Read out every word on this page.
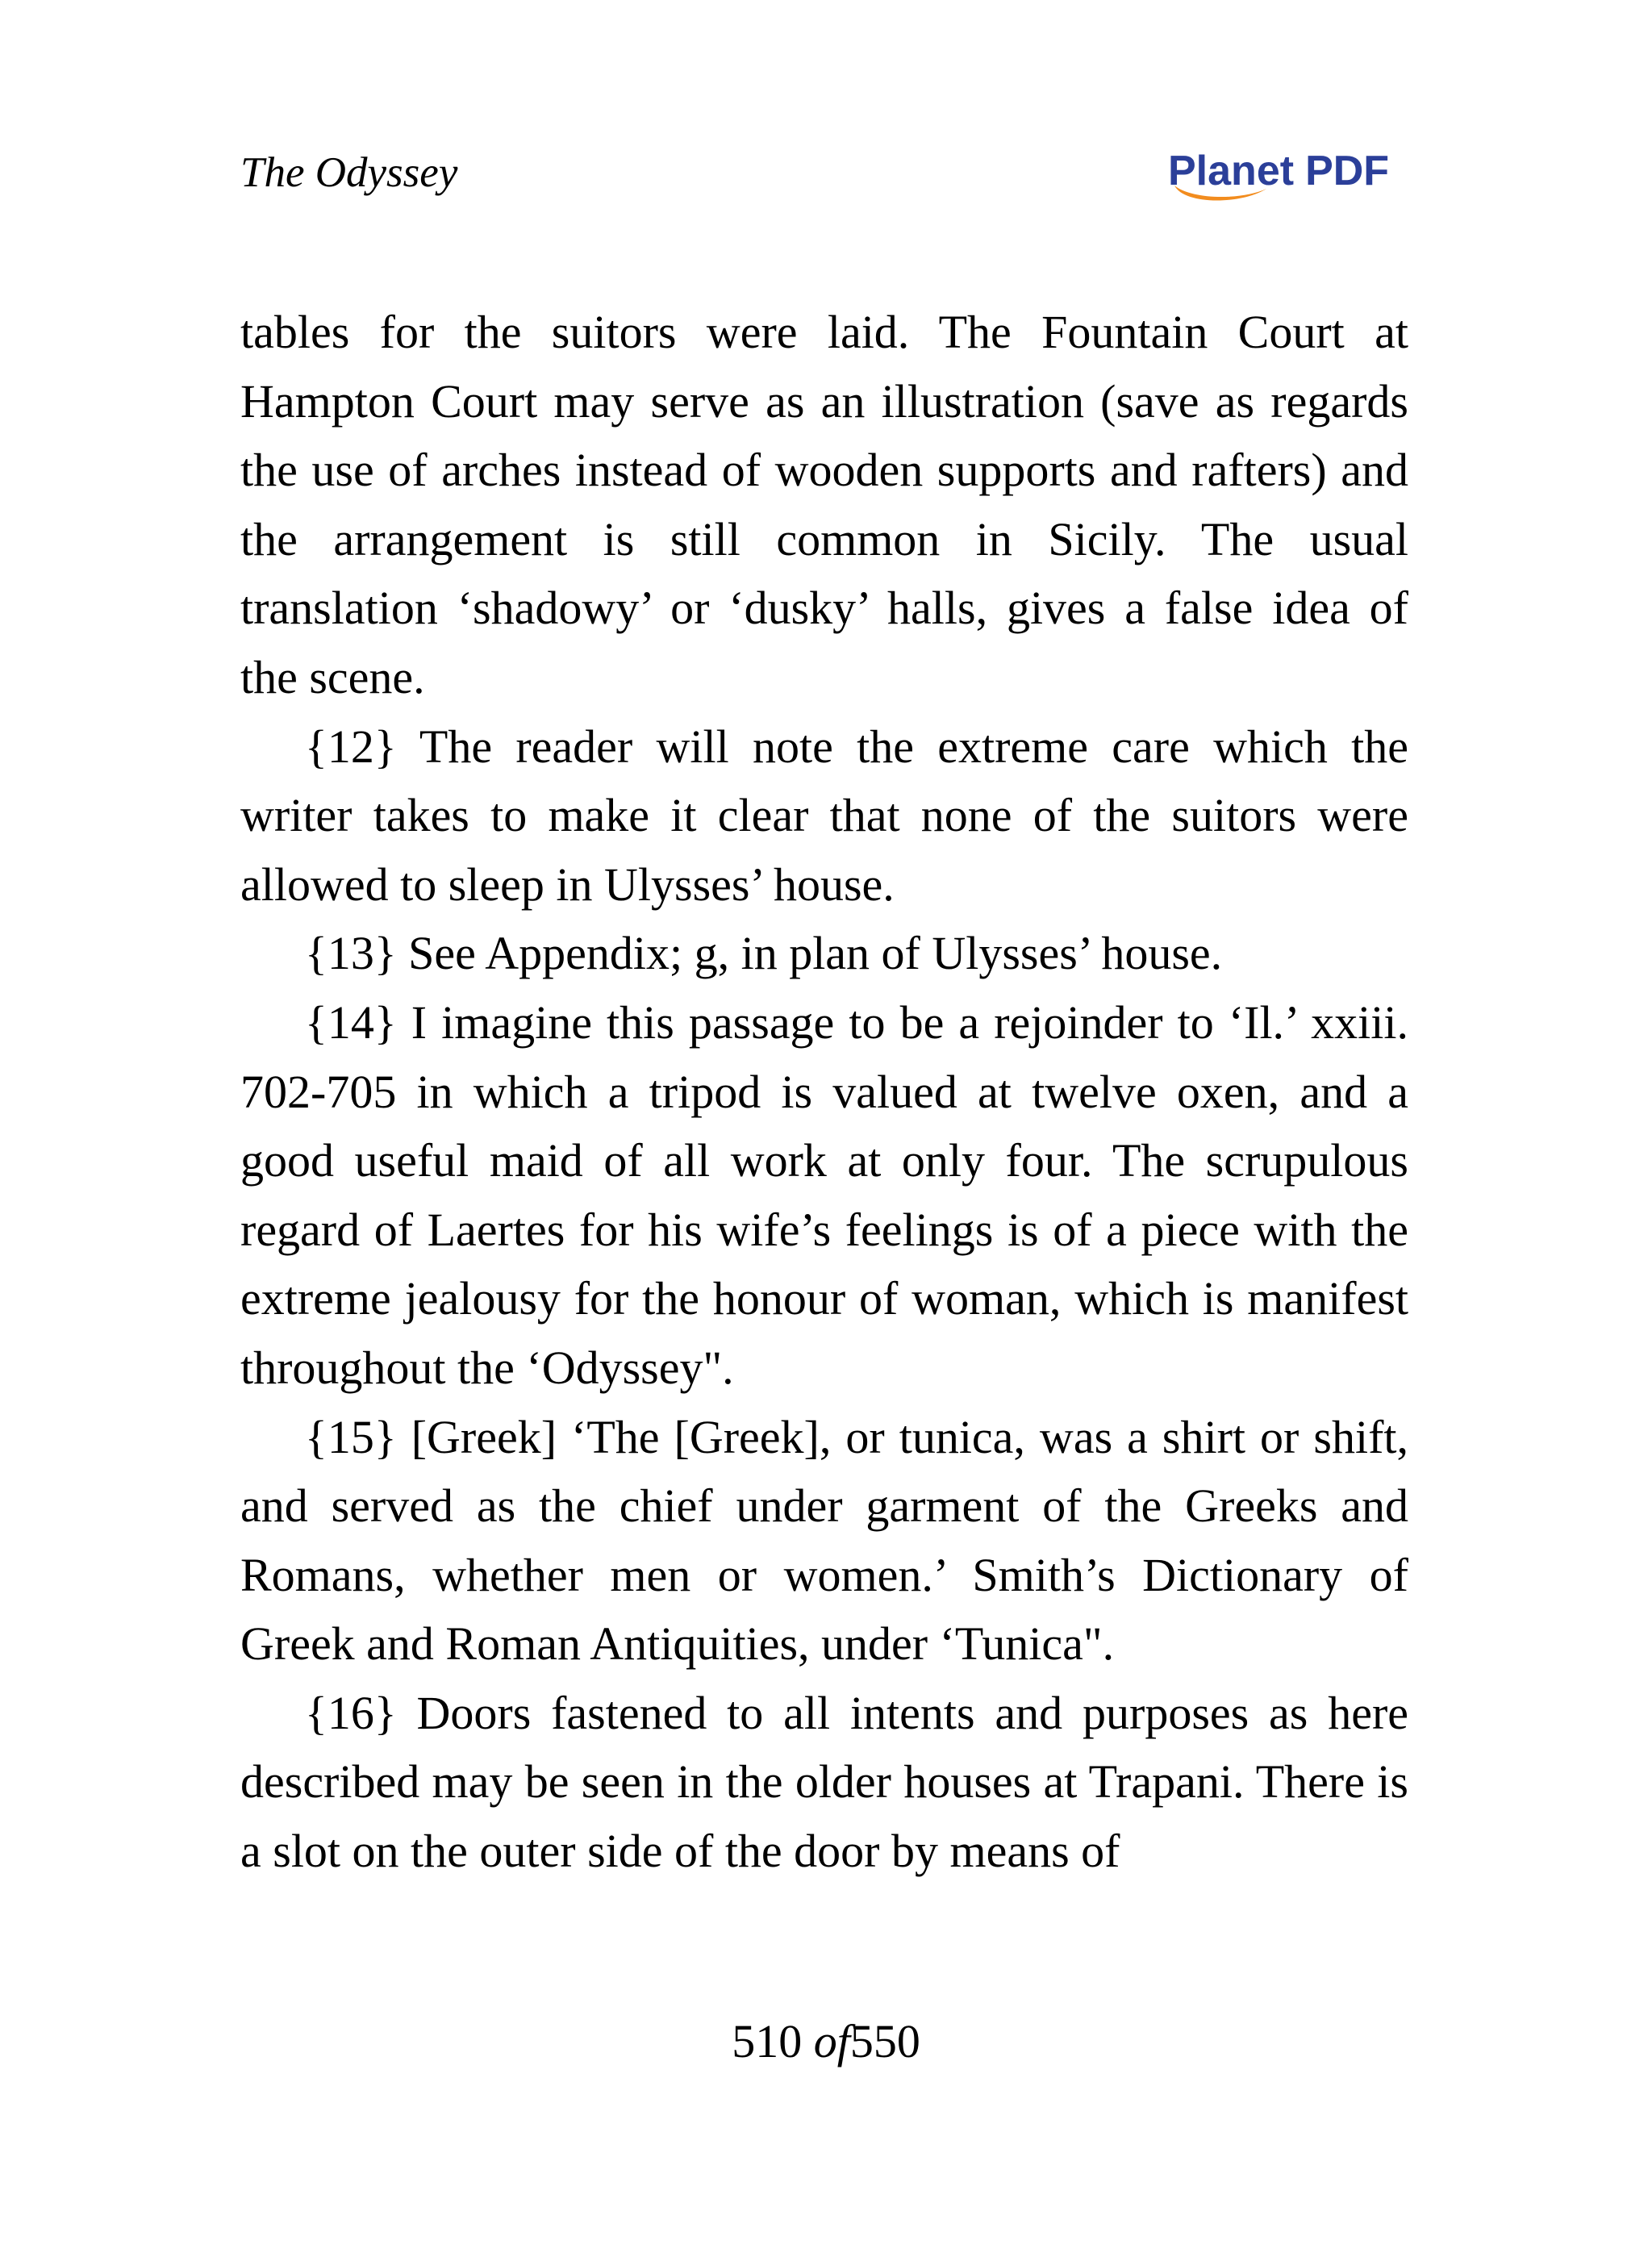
The Odyssey	Planet PDF

tables for the suitors were laid. The Fountain Court at Hampton Court may serve as an illustration (save as regards the use of arches instead of wooden supports and rafters) and the arrangement is still common in Sicily. The usual translation ‘shadowy’ or ‘dusky’ halls, gives a false idea of the scene.

{12} The reader will note the extreme care which the writer takes to make it clear that none of the suitors were allowed to sleep in Ulysses’ house.

{13} See Appendix; g, in plan of Ulysses’ house.

{14} I imagine this passage to be a rejoinder to ‘Il.’ xxiii. 702-705 in which a tripod is valued at twelve oxen, and a good useful maid of all work at only four. The scrupulous regard of Laertes for his wife’s feelings is of a piece with the extreme jealousy for the honour of woman, which is manifest throughout the ‘Odyssey".

{15} [Greek] ‘The [Greek], or tunica, was a shirt or shift, and served as the chief under garment of the Greeks and Romans, whether men or women.’ Smith’s Dictionary of Greek and Roman Antiquities, under ‘Tunica".

{16} Doors fastened to all intents and purposes as here described may be seen in the older houses at Trapani. There is a slot on the outer side of the door by means of

510 of550
